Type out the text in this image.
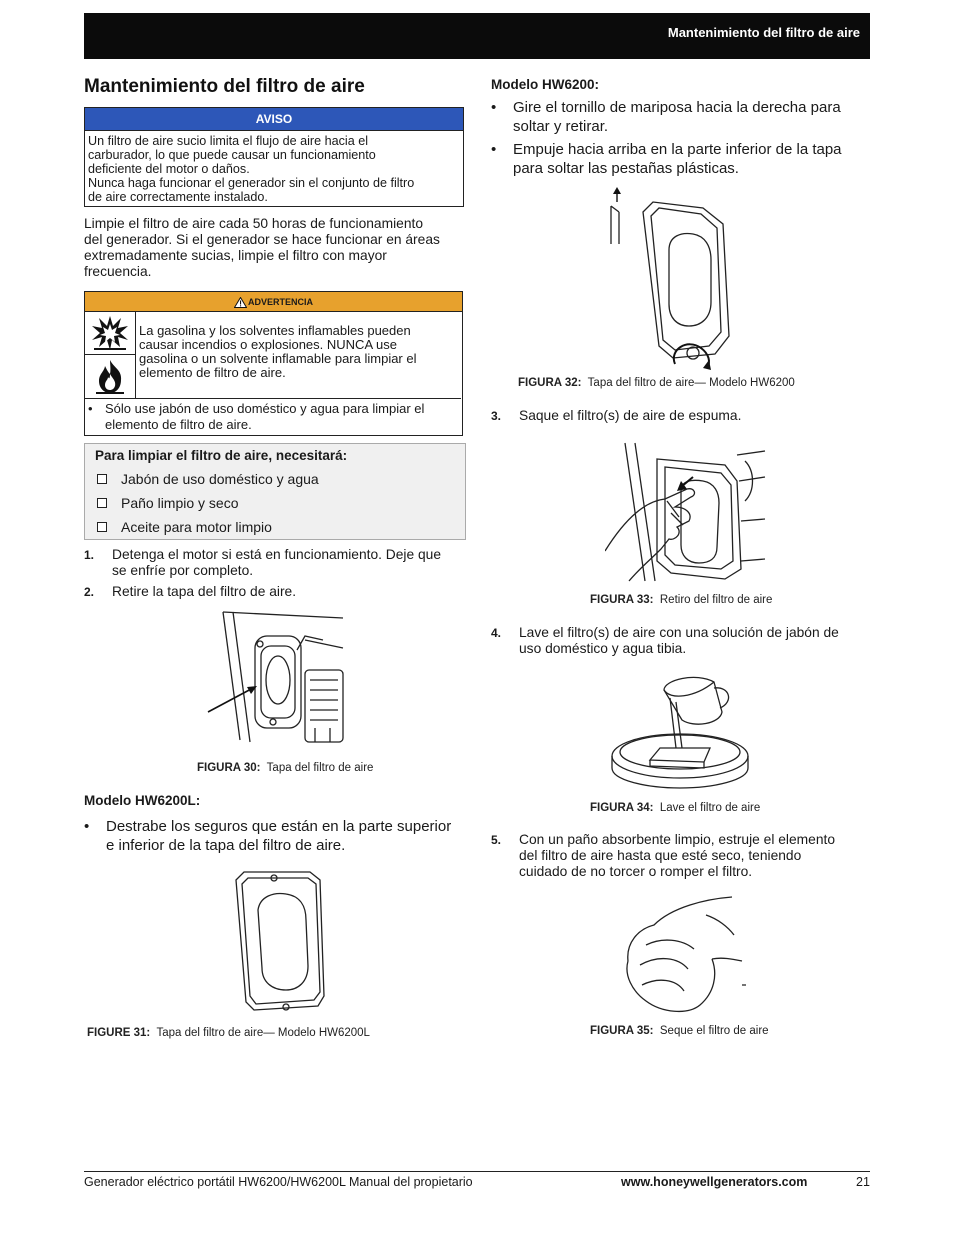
Mantenimiento del filtro de aire
Mantenimiento del filtro de aire
AVISO
Un filtro de aire sucio limita el flujo de aire hacia el
carburador, lo que puede causar un funcionamiento
deficiente del motor o daños.
Nunca haga funcionar el generador sin el conjunto de filtro
de aire correctamente instalado.
Limpie el filtro de aire cada 50 horas de funcionamiento
del generador. Si el generador se hace funcionar en áreas
extremadamente sucias, limpie el filtro con mayor
frecuencia.
ADVERTENCIA
La gasolina y los solventes inflamables pueden
causar incendios o explosiones. NUNCA use
gasolina o un solvente inflamable para limpiar el
elemento de filtro de aire.
• Sólo use jabón de uso doméstico y agua para limpiar el
elemento de filtro de aire.
Para limpiar el filtro de aire, necesitará:
Jabón de uso doméstico y agua
Paño limpio y seco
Aceite para motor limpio
1.	Detenga el motor si está en funcionamiento. Deje que
se enfríe por completo.
2.	Retire la tapa del filtro de aire.
FIGURA 30: Tapa del filtro de aire
Modelo HW6200L:
•	Destrabe los seguros que están en la parte superior
e inferior de la tapa del filtro de aire.
FIGURE 31: Tapa del filtro de aire— Modelo HW6200L
Modelo HW6200:
•	Gire el tornillo de mariposa hacia la derecha para
soltar y retirar.
•	Empuje hacia arriba en la parte inferior de la tapa
para soltar las pestañas plásticas.
FIGURA 32: Tapa del filtro de aire— Modelo HW6200
3.	Saque el filtro(s) de aire de espuma.
FIGURA 33: Retiro del filtro de aire
4.	Lave el filtro(s) de aire con una solución de jabón de
uso doméstico y agua tibia.
FIGURA 34: Lave el filtro de aire
5.	Con un paño absorbente limpio, estruje el elemento
del filtro de aire hasta que esté seco, teniendo
cuidado de no torcer o romper el filtro.
FIGURA 35: Seque el filtro de aire
Generador eléctrico portátil HW6200/HW6200L Manual del propietario	www.honeywellgenerators.com	21
